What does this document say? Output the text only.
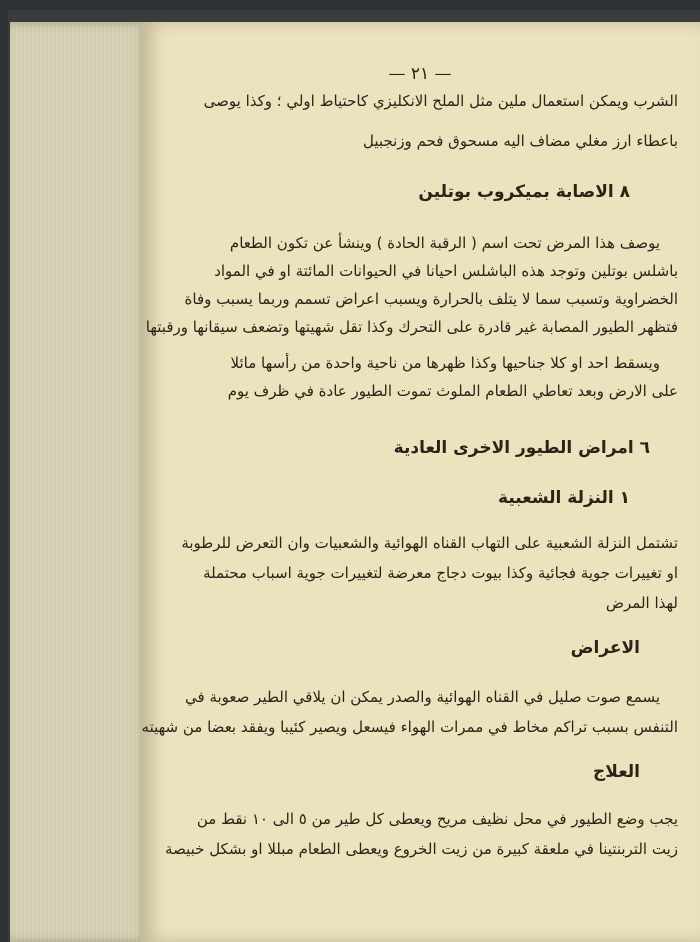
— ٢١ —
الشرب ويمكن استعمال ملين مثل الملح الانكليزي كاحتياط اولي ؛ وكذا يوصى
باعطاء ارز مغلي مضاف اليه مسحوق فحم وزنجبيل
٨ الاصابة بميكروب بوتلين
يوصف هذا المرض تحت اسم ( الرقبة الحادة ) وينشأ عن تكون الطعام
باشلس بوتلين وتوجد هذه الباشلس احيانا في الحيوانات المائتة او في المواد
الخضراوية وتسبب سما لا يتلف بالحرارة ويسبب اعراض تسمم وربما يسبب وفاة
فتظهر الطيور المصابة غير قادرة على التحرك وكذا تقل شهيتها وتضعف سيقانها ورقبتها
ويسقط احد او كلا جناحيها وكذا ظهرها من ناحية واحدة من رأسها مائلا
على الارض وبعد تعاطي الطعام الملوث تموت الطيور عادة في ظرف يوم
٦ امراض الطيور الاخرى العادية
١ النزلة الشعبية
تشتمل النزلة الشعبية على التهاب القناه الهوائية والشعبيات وان التعرض للرطوبة
او تغييرات جوية فجائية وكذا بيوت دجاج معرضة لتغييرات جوية اسباب محتملة
لهذا المرض
الاعراض
يسمع صوت صليل في القناه الهوائية والصدر يمكن ان يلاقي الطير صعوبة في
التنفس بسبب تراكم مخاط في ممرات الهواء فيسعل ويصير كئيبا ويفقد بعضا من شهيته
العلاج
يجب وضع الطيور في محل نظيف مريح ويعطى كل طير من ٥ الى ١٠ نقط من
زيت التربنتينا في ملعقة كبيرة من زيت الخروع ويعطى الطعام مبللا او بشكل خبيصة
